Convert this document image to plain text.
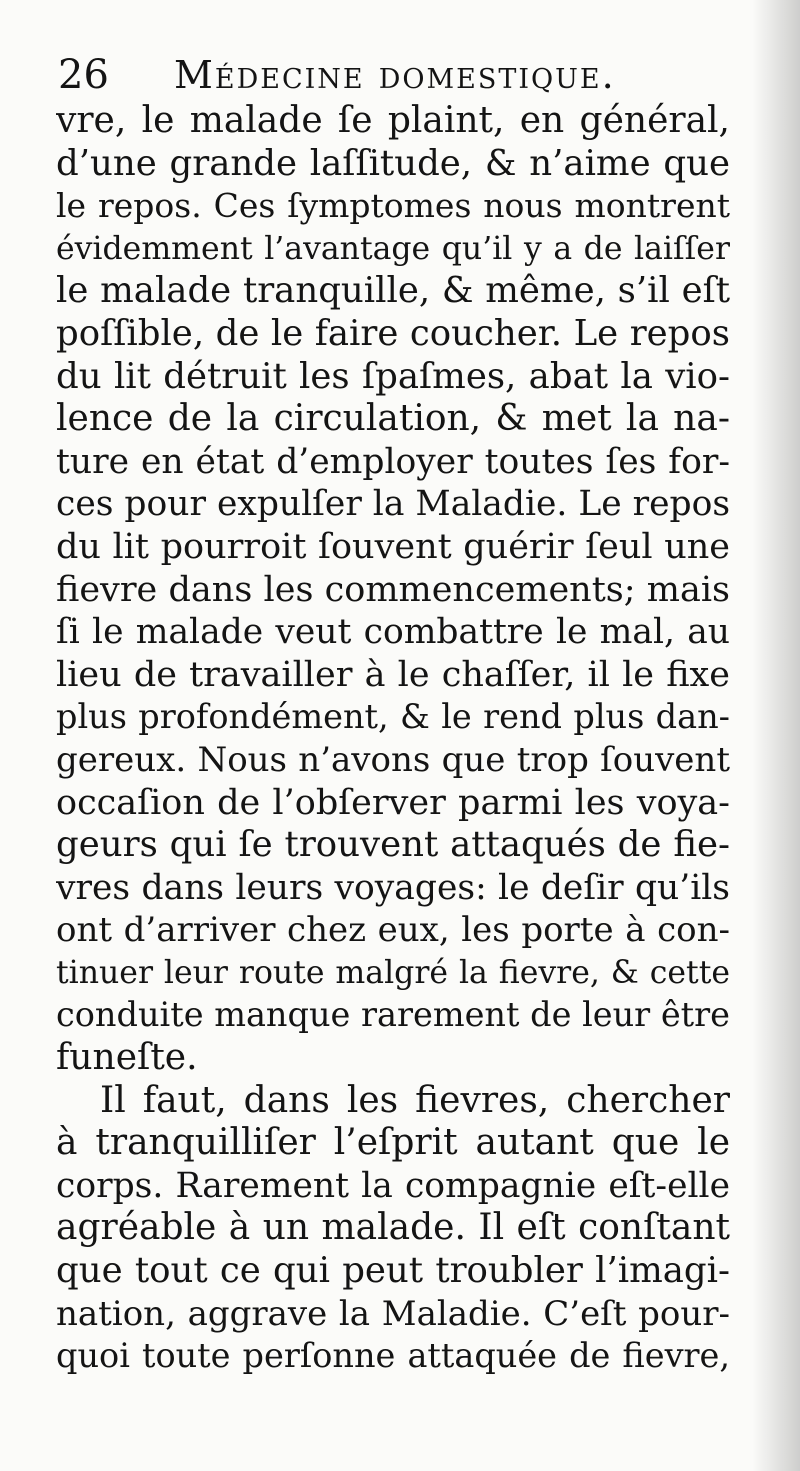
26 Médecine domestique.
vre, le malade ſe plaint, en général,
d’une grande laſſitude, & n’aime que
le repos. Ces ſymptomes nous montrent
évidemment l’avantage qu’il y a de laiſſer
le malade tranquille, & même, s’il eſt
poſſible, de le faire coucher. Le repos
du lit détruit les ſpaſmes, abat la vio-
lence de la circulation, & met la na-
ture en état d’employer toutes ſes for-
ces pour expulſer la Maladie. Le repos
du lit pourroit ſouvent guérir ſeul une
fievre dans les commencements; mais
ſi le malade veut combattre le mal, au
lieu de travailler à le chaſſer, il le fixe
plus profondément, & le rend plus dan-
gereux. Nous n’avons que trop ſouvent
occaſion de l’obſerver parmi les voya-
geurs qui ſe trouvent attaqués de fie-
vres dans leurs voyages: le deſir qu’ils
ont d’arriver chez eux, les porte à con-
tinuer leur route malgré la fievre, & cette
conduite manque rarement de leur être
funeſte.
Il faut, dans les fievres, chercher
à tranquilliſer l’eſprit autant que le
corps. Rarement la compagnie eſt-elle
agréable à un malade. Il eſt conſtant
que tout ce qui peut troubler l’imagi-
nation, aggrave la Maladie. C’eſt pour-
quoi toute perſonne attaquée de fievre,
